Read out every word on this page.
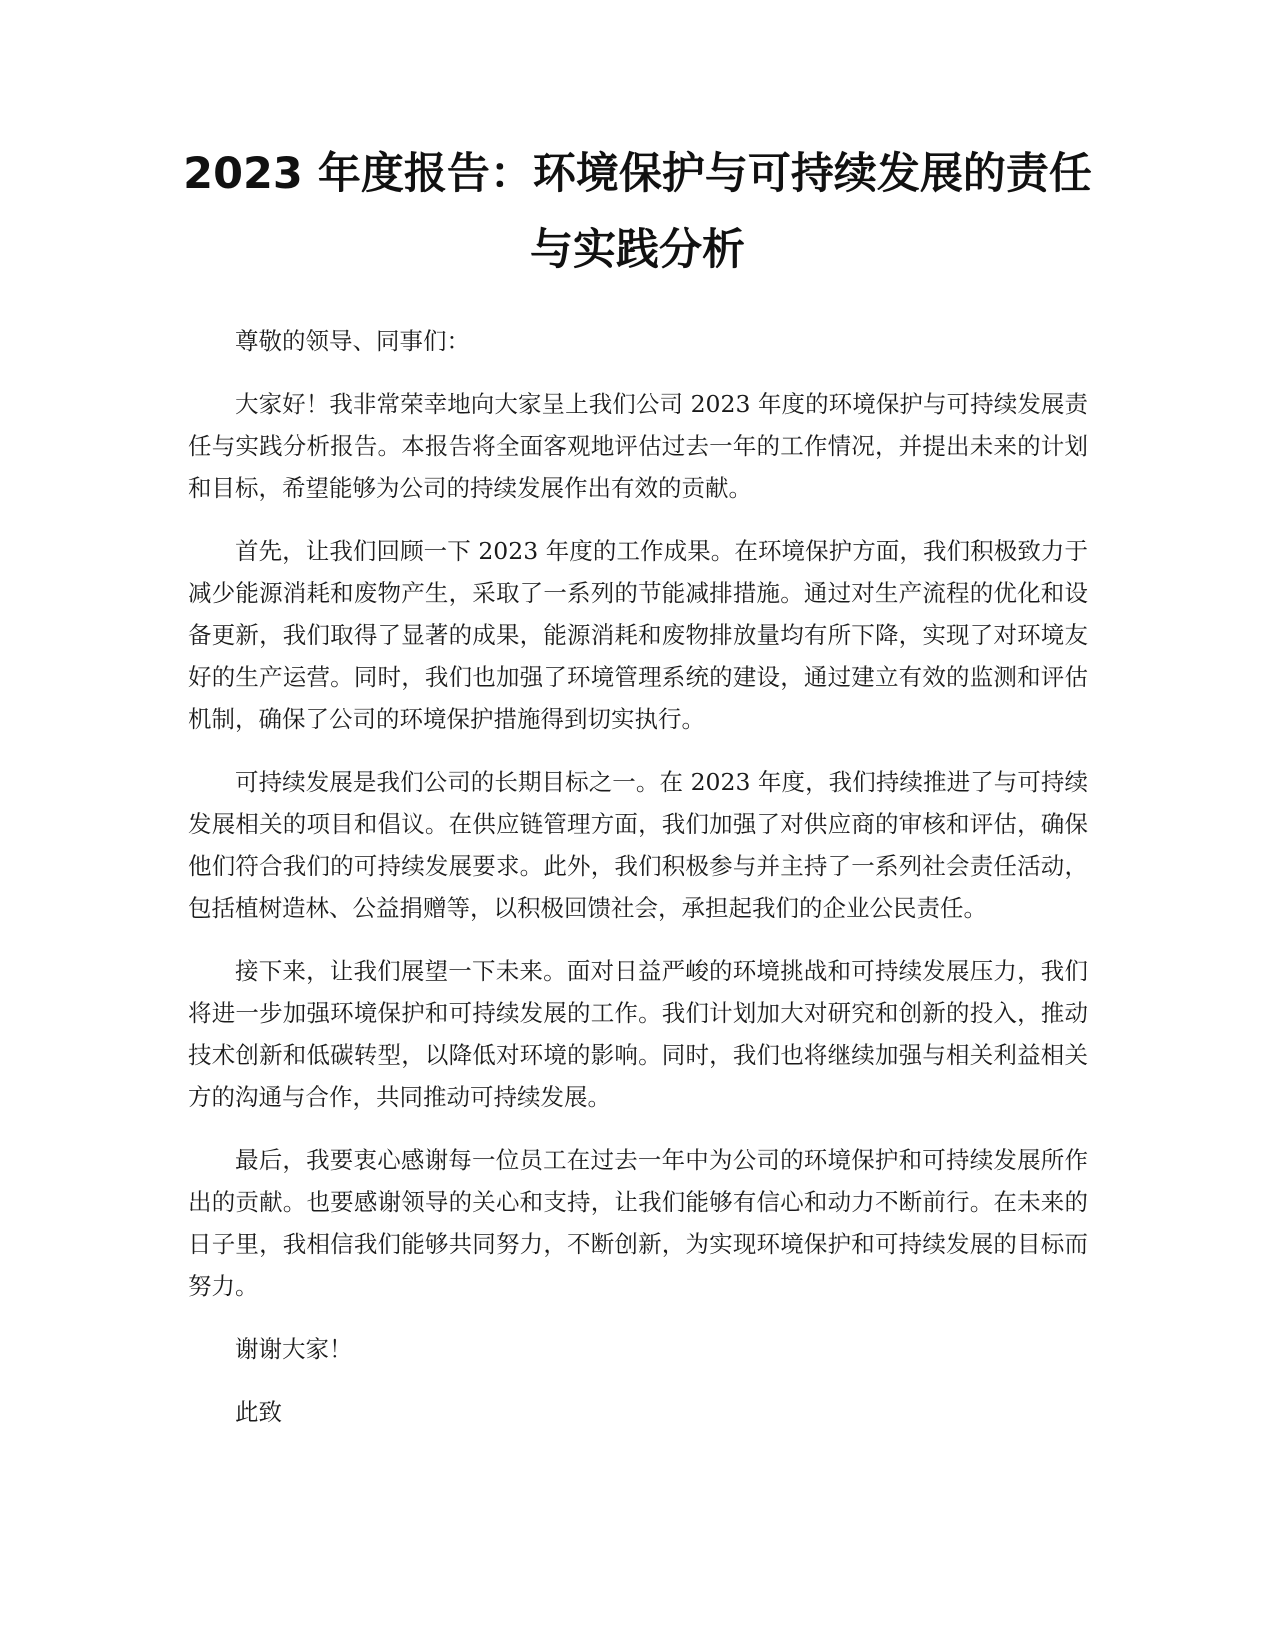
2023 年度报告：环境保护与可持续发展的责任与实践分析

尊敬的领导、同事们：

大家好！我非常荣幸地向大家呈上我们公司 2023 年度的环境保护与可持续发展责任与实践分析报告。本报告将全面客观地评估过去一年的工作情况，并提出未来的计划和目标，希望能够为公司的持续发展作出有效的贡献。

首先，让我们回顾一下 2023 年度的工作成果。在环境保护方面，我们积极致力于减少能源消耗和废物产生，采取了一系列的节能减排措施。通过对生产流程的优化和设备更新，我们取得了显著的成果，能源消耗和废物排放量均有所下降，实现了对环境友好的生产运营。同时，我们也加强了环境管理系统的建设，通过建立有效的监测和评估机制，确保了公司的环境保护措施得到切实执行。

可持续发展是我们公司的长期目标之一。在 2023 年度，我们持续推进了与可持续发展相关的项目和倡议。在供应链管理方面，我们加强了对供应商的审核和评估，确保他们符合我们的可持续发展要求。此外，我们积极参与并主持了一系列社会责任活动，包括植树造林、公益捐赠等，以积极回馈社会，承担起我们的企业公民责任。

接下来，让我们展望一下未来。面对日益严峻的环境挑战和可持续发展压力，我们将进一步加强环境保护和可持续发展的工作。我们计划加大对研究和创新的投入，推动技术创新和低碳转型，以降低对环境的影响。同时，我们也将继续加强与相关利益相关方的沟通与合作，共同推动可持续发展。

最后，我要衷心感谢每一位员工在过去一年中为公司的环境保护和可持续发展所作出的贡献。也要感谢领导的关心和支持，让我们能够有信心和动力不断前行。在未来的日子里，我相信我们能够共同努力，不断创新，为实现环境保护和可持续发展的目标而努力。

谢谢大家！

此致
